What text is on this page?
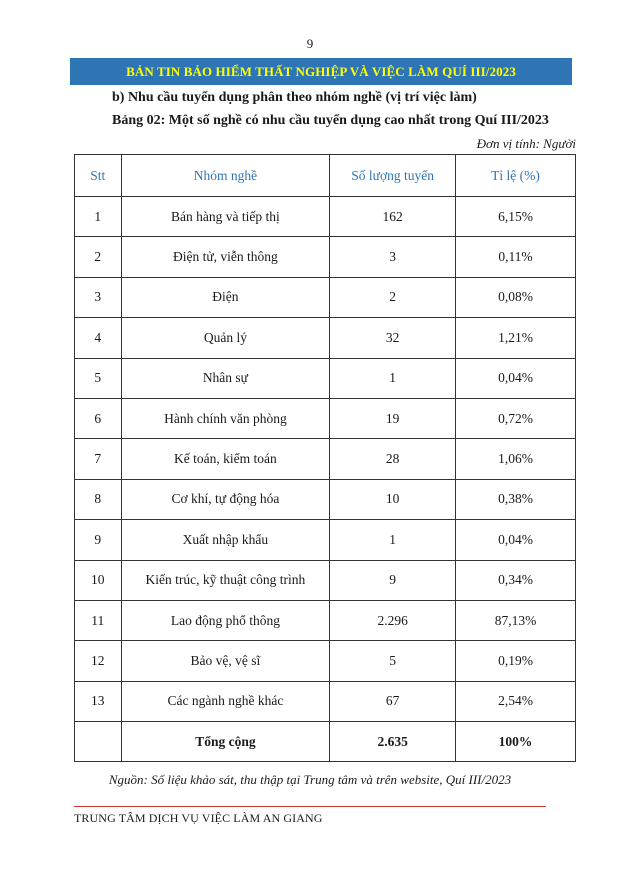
9
BẢN TIN BẢO HIỂM THẤT NGHIỆP VÀ VIỆC LÀM QUÍ III/2023
b) Nhu cầu tuyển dụng phân theo nhóm nghề (vị trí việc làm)
Bảng 02: Một số nghề có nhu cầu tuyển dụng cao nhất trong Quí III/2023
Đơn vị tính: Người
Stt	Nhóm nghề	Số lượng tuyển	Tỉ lệ (%)
1	Bán hàng và tiếp thị	162	6,15%
2	Điện tử, viễn thông	3	0,11%
3	Điện	2	0,08%
4	Quản lý	32	1,21%
5	Nhân sự	1	0,04%
6	Hành chính văn phòng	19	0,72%
7	Kế toán, kiểm toán	28	1,06%
8	Cơ khí, tự động hóa	10	0,38%
9	Xuất nhập khẩu	1	0,04%
10	Kiến trúc, kỹ thuật công trình	9	0,34%
11	Lao động phổ thông	2.296	87,13%
12	Bảo vệ, vệ sĩ	5	0,19%
13	Các ngành nghề khác	67	2,54%
	Tổng cộng	2.635	100%
Nguồn: Số liệu khảo sát, thu thập tại Trung tâm và trên website, Quí III/2023
TRUNG TÂM DỊCH VỤ VIỆC LÀM AN GIANG
